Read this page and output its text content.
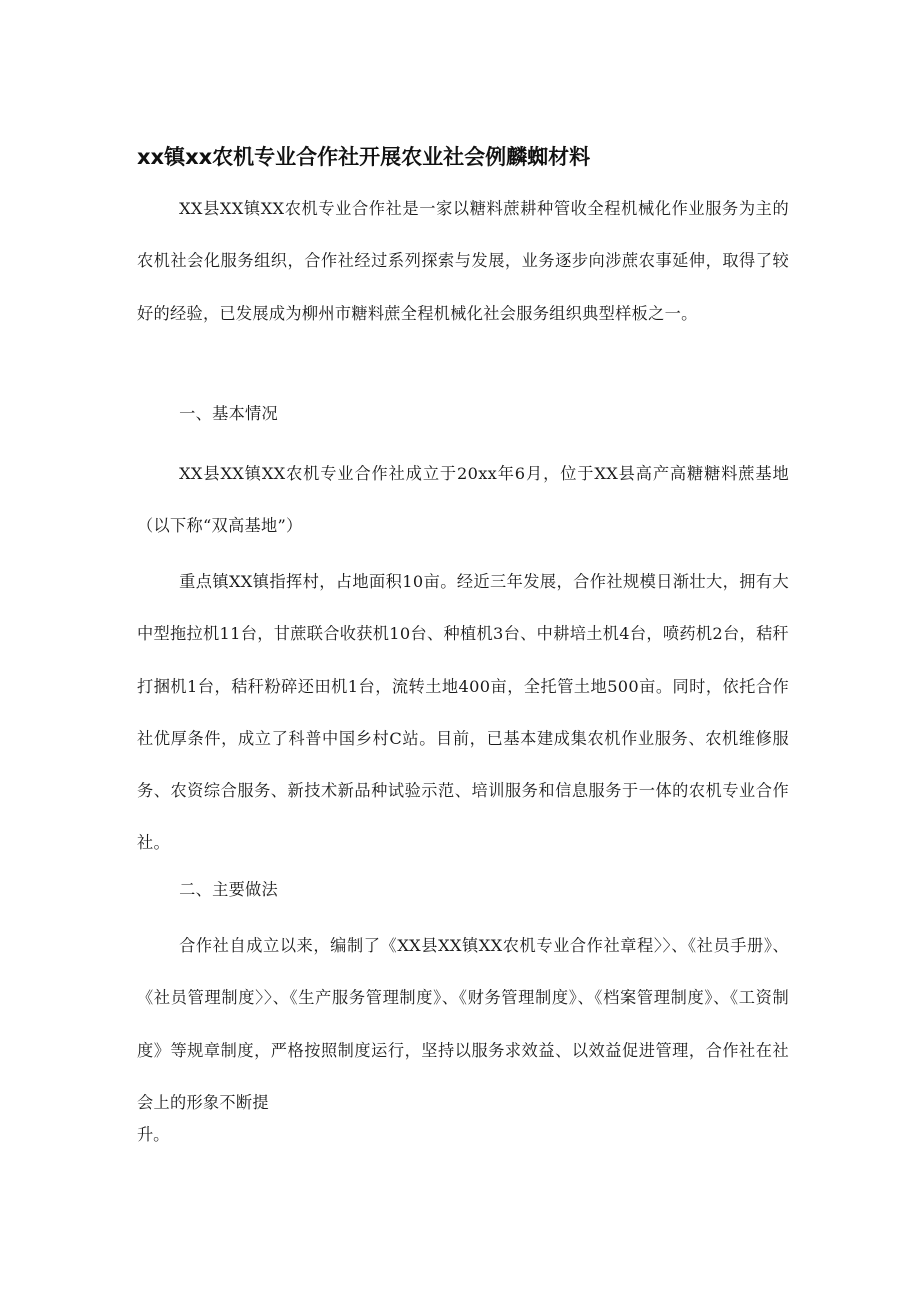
xx镇xx农机专业合作社开展农业社会例麟蜘材料

XX县XX镇XX农机专业合作社是一家以糖料蔗耕种管收全程机械化作业服务为主的农机社会化服务组织，合作社经过系列探索与发展，业务逐步向涉蔗农事延伸，取得了较好的经验，已发展成为柳州市糖料蔗全程机械化社会服务组织典型样板之一。

一、基本情况

XX县XX镇XX农机专业合作社成立于20xx年6月，位于XX县高产高糖糖料蔗基地（以下称“双高基地”）

重点镇XX镇指挥村，占地面积10亩。经近三年发展，合作社规模日渐壮大，拥有大中型拖拉机11台，甘蔗联合收获机10台、种植机3台、中耕培土机4台，喷药机2台，秸秆打捆机1台，秸秆粉碎还田机1台，流转土地400亩，全托管土地500亩。同时，依托合作社优厚条件，成立了科普中国乡村C站。目前，已基本建成集农机作业服务、农机维修服务、农资综合服务、新技术新品种试验示范、培训服务和信息服务于一体的农机专业合作社。

二、主要做法

合作社自成立以来，编制了《XX县XX镇XX农机专业合作社章程〉〉、《社员手册》、《社员管理制度〉〉、《生产服务管理制度》、《财务管理制度》、《档案管理制度》、《工资制度》等规章制度，严格按照制度运行，坚持以服务求效益、以效益促进管理，合作社在社会上的形象不断提

升。
